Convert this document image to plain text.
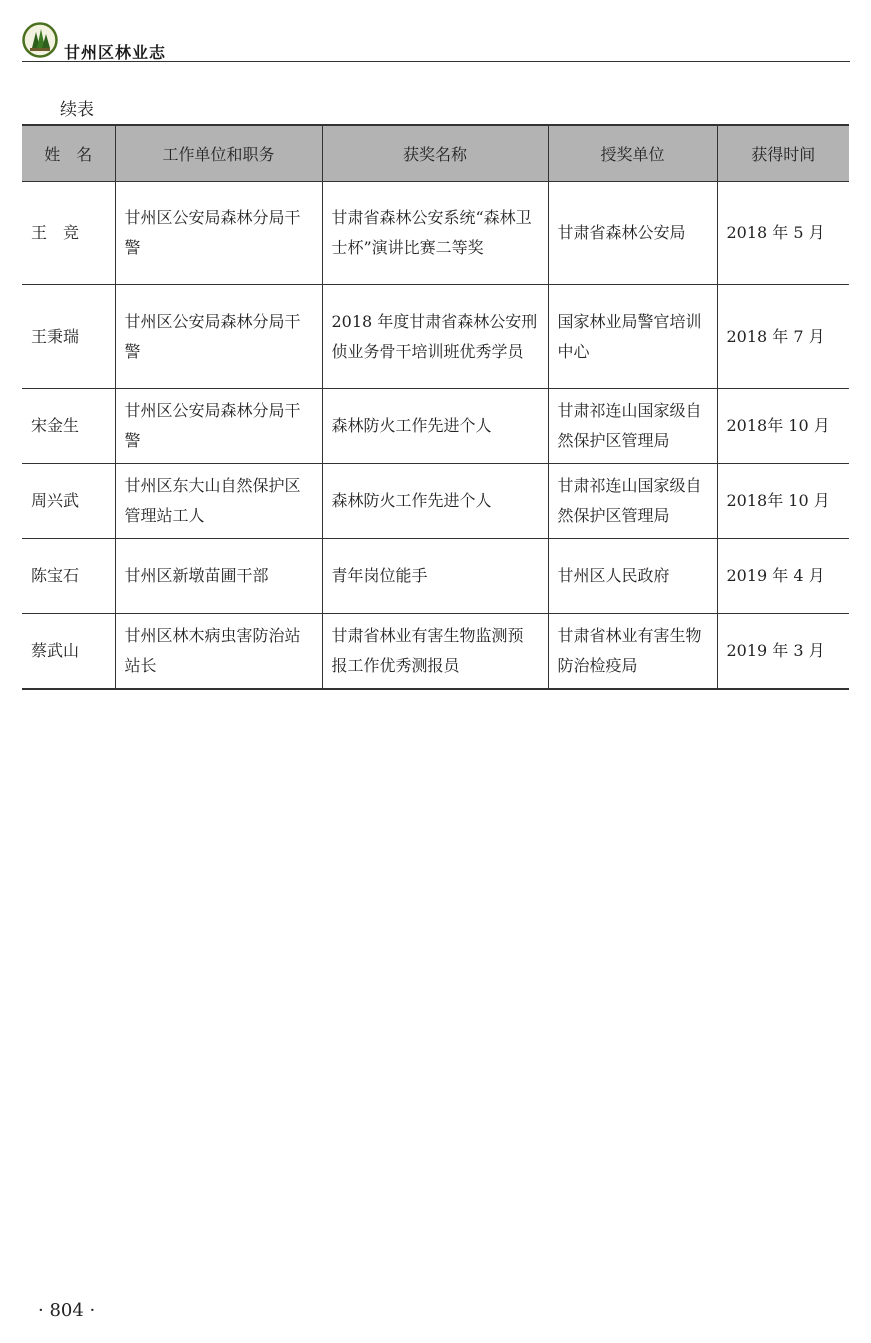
甘州区林业志
续表
姓　名	工作单位和职务	获奖名称	授奖单位	获得时间
王　竞	甘州区公安局森林分局干警	甘肃省森林公安系统“森林卫士杯”演讲比赛二等奖	甘肃省森林公安局	2018 年 5 月
王秉瑞	甘州区公安局森林分局干警	2018 年度甘肃省森林公安刑侦业务骨干培训班优秀学员	国家林业局警官培训中心	2018 年 7 月
宋金生	甘州区公安局森林分局干警	森林防火工作先进个人	甘肃祁连山国家级自然保护区管理局	2018年 10 月
周兴武	甘州区东大山自然保护区管理站工人	森林防火工作先进个人	甘肃祁连山国家级自然保护区管理局	2018年 10 月
陈宝石	甘州区新墩苗圃干部	青年岗位能手	甘州区人民政府	2019 年 4 月
蔡武山	甘州区林木病虫害防治站站长	甘肃省林业有害生物监测预报工作优秀测报员	甘肃省林业有害生物防治检疫局	2019 年 3 月
· 804 ·
